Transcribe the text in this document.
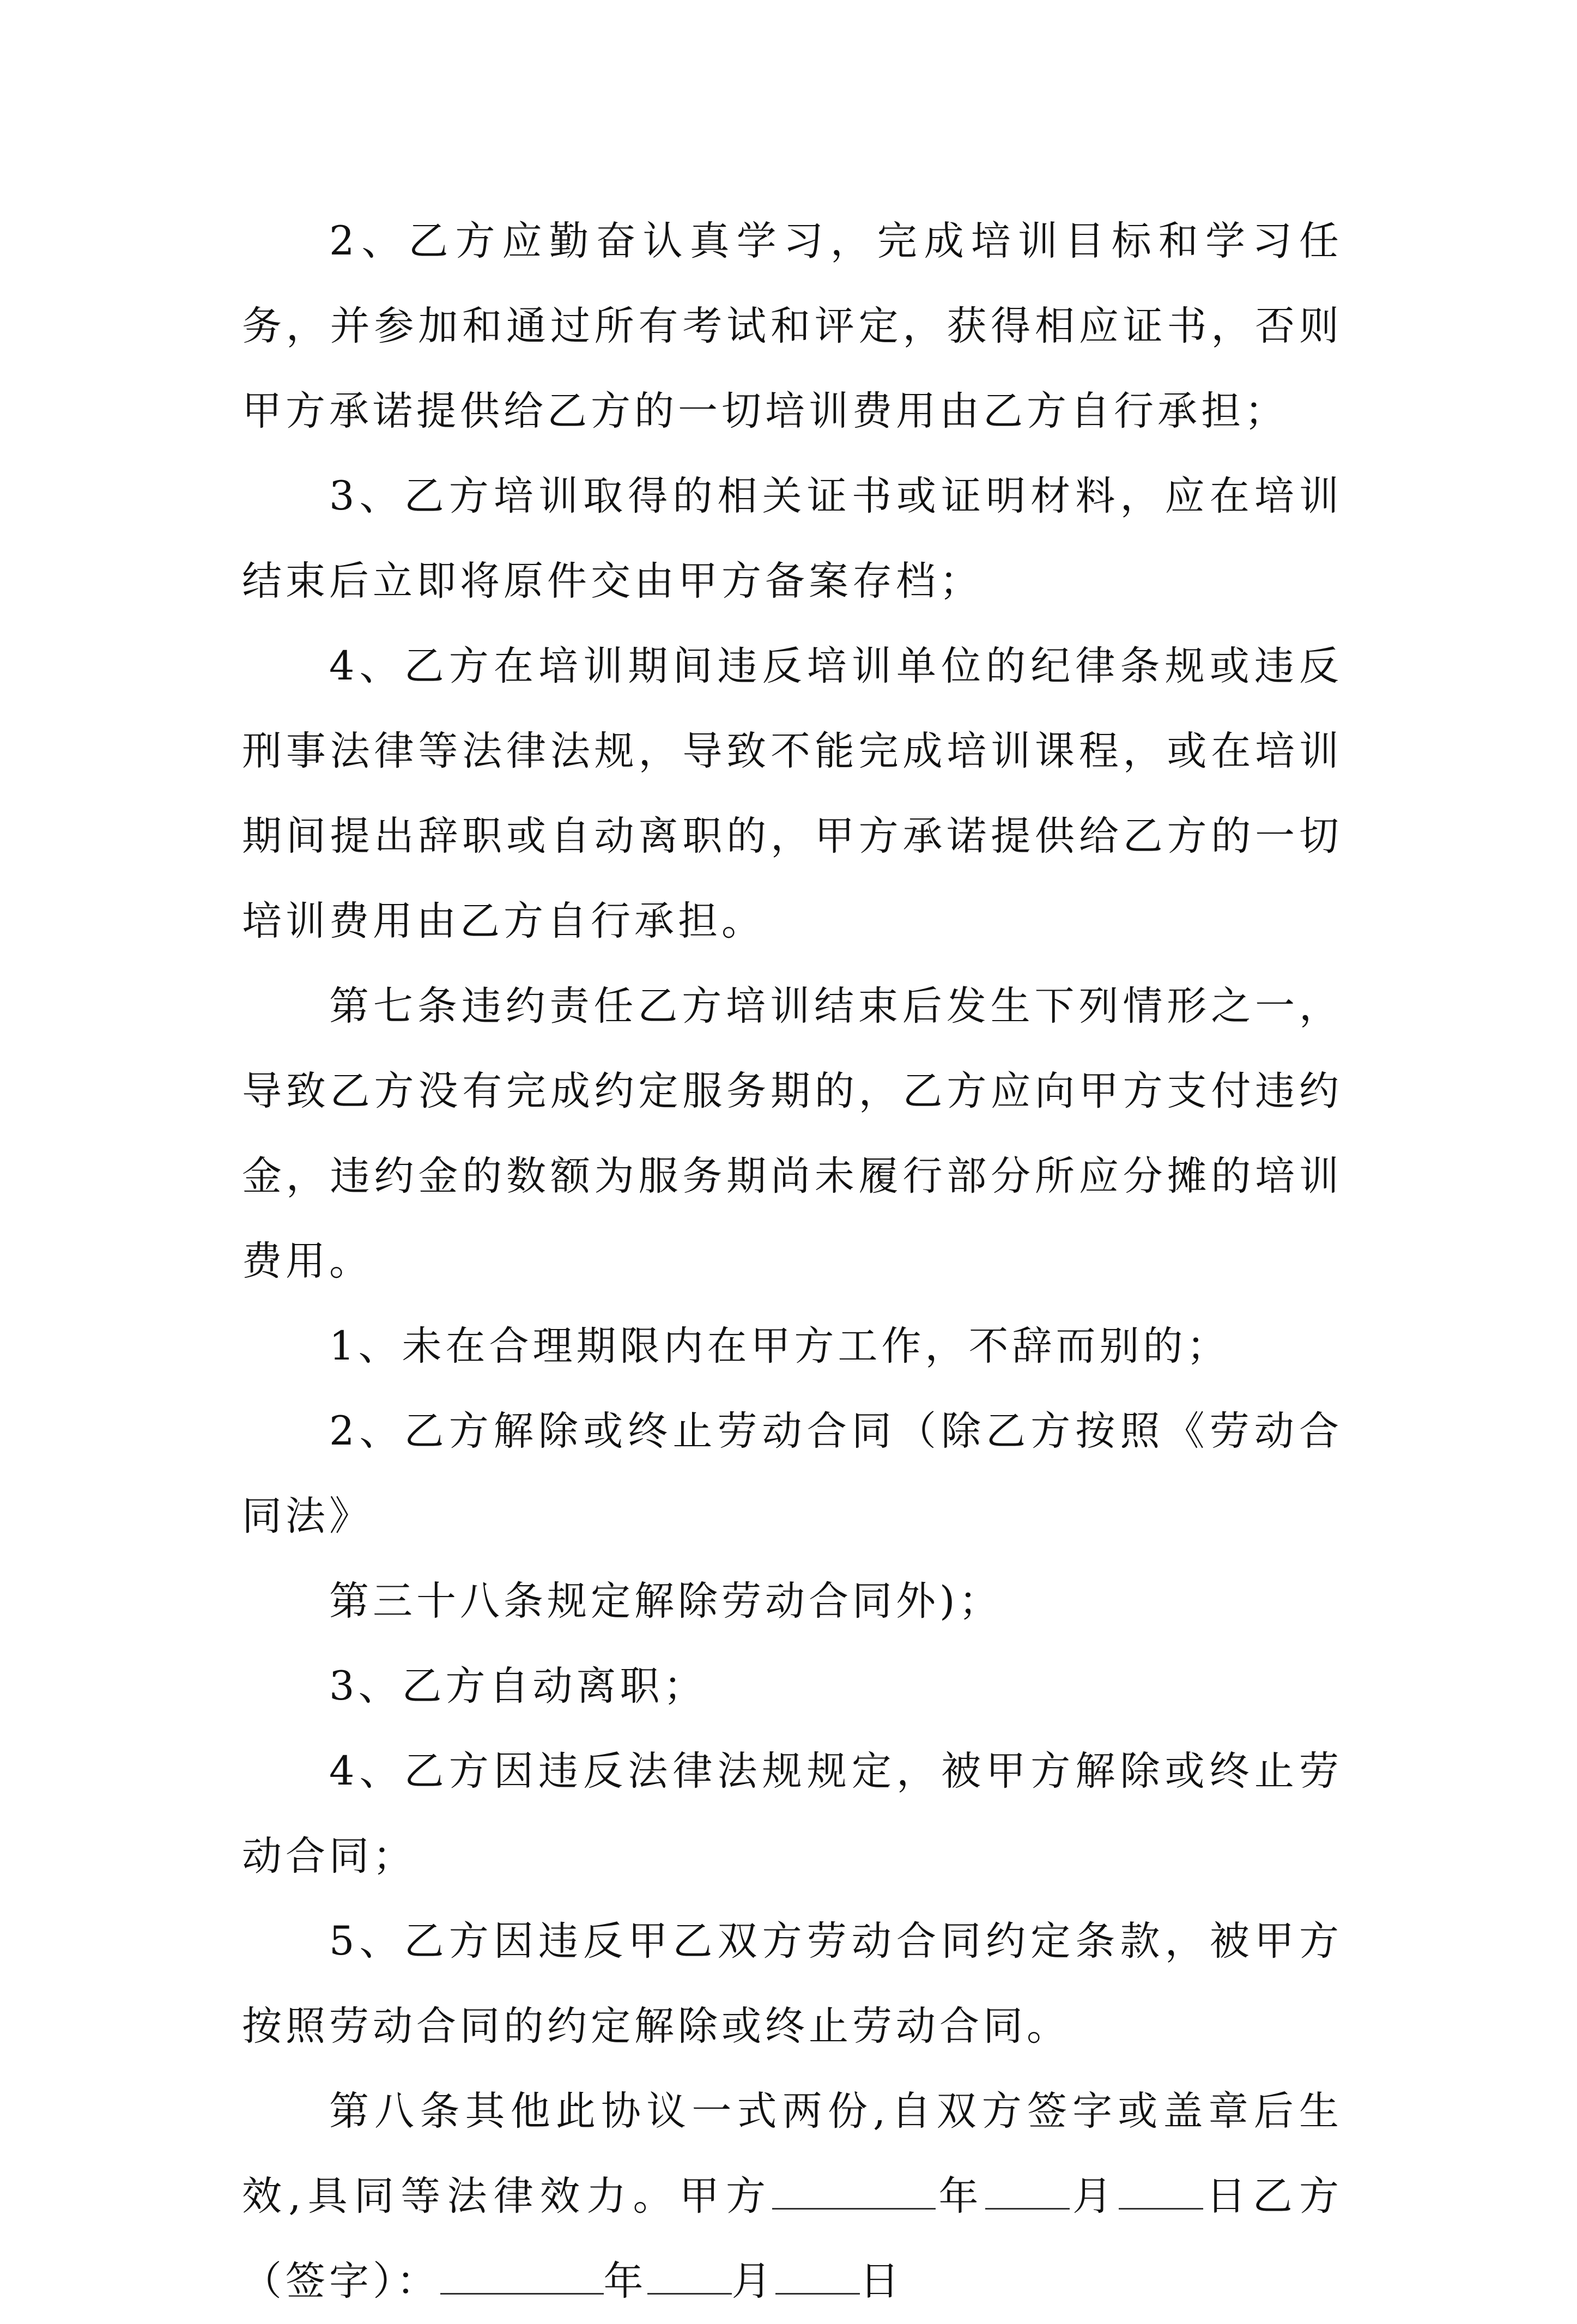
2、乙方应勤奋认真学习，完成培训目标和学习任务，并参加和通过所有考试和评定，获得相应证书，否则甲方承诺提供给乙方的一切培训费用由乙方自行承担；

3、乙方培训取得的相关证书或证明材料，应在培训结束后立即将原件交由甲方备案存档；

4、乙方在培训期间违反培训单位的纪律条规或违反刑事法律等法律法规，导致不能完成培训课程，或在培训期间提出辞职或自动离职的，甲方承诺提供给乙方的一切培训费用由乙方自行承担。

第七条违约责任乙方培训结束后发生下列情形之一，导致乙方没有完成约定服务期的，乙方应向甲方支付违约金，违约金的数额为服务期尚未履行部分所应分摊的培训费用。

1、未在合理期限内在甲方工作，不辞而别的；

2、乙方解除或终止劳动合同（除乙方按照《劳动合同法》

第三十八条规定解除劳动合同外)；

3、乙方自动离职；

4、乙方因违反法律法规规定，被甲方解除或终止劳动合同；

5、乙方因违反甲乙双方劳动合同约定条款，被甲方按照劳动合同的约定解除或终止劳动合同。

第八条其他此协议一式两份,自双方签字或盖章后生效,具同等法律效力。甲方	年 月 日乙方（签字）：	年 月 日
